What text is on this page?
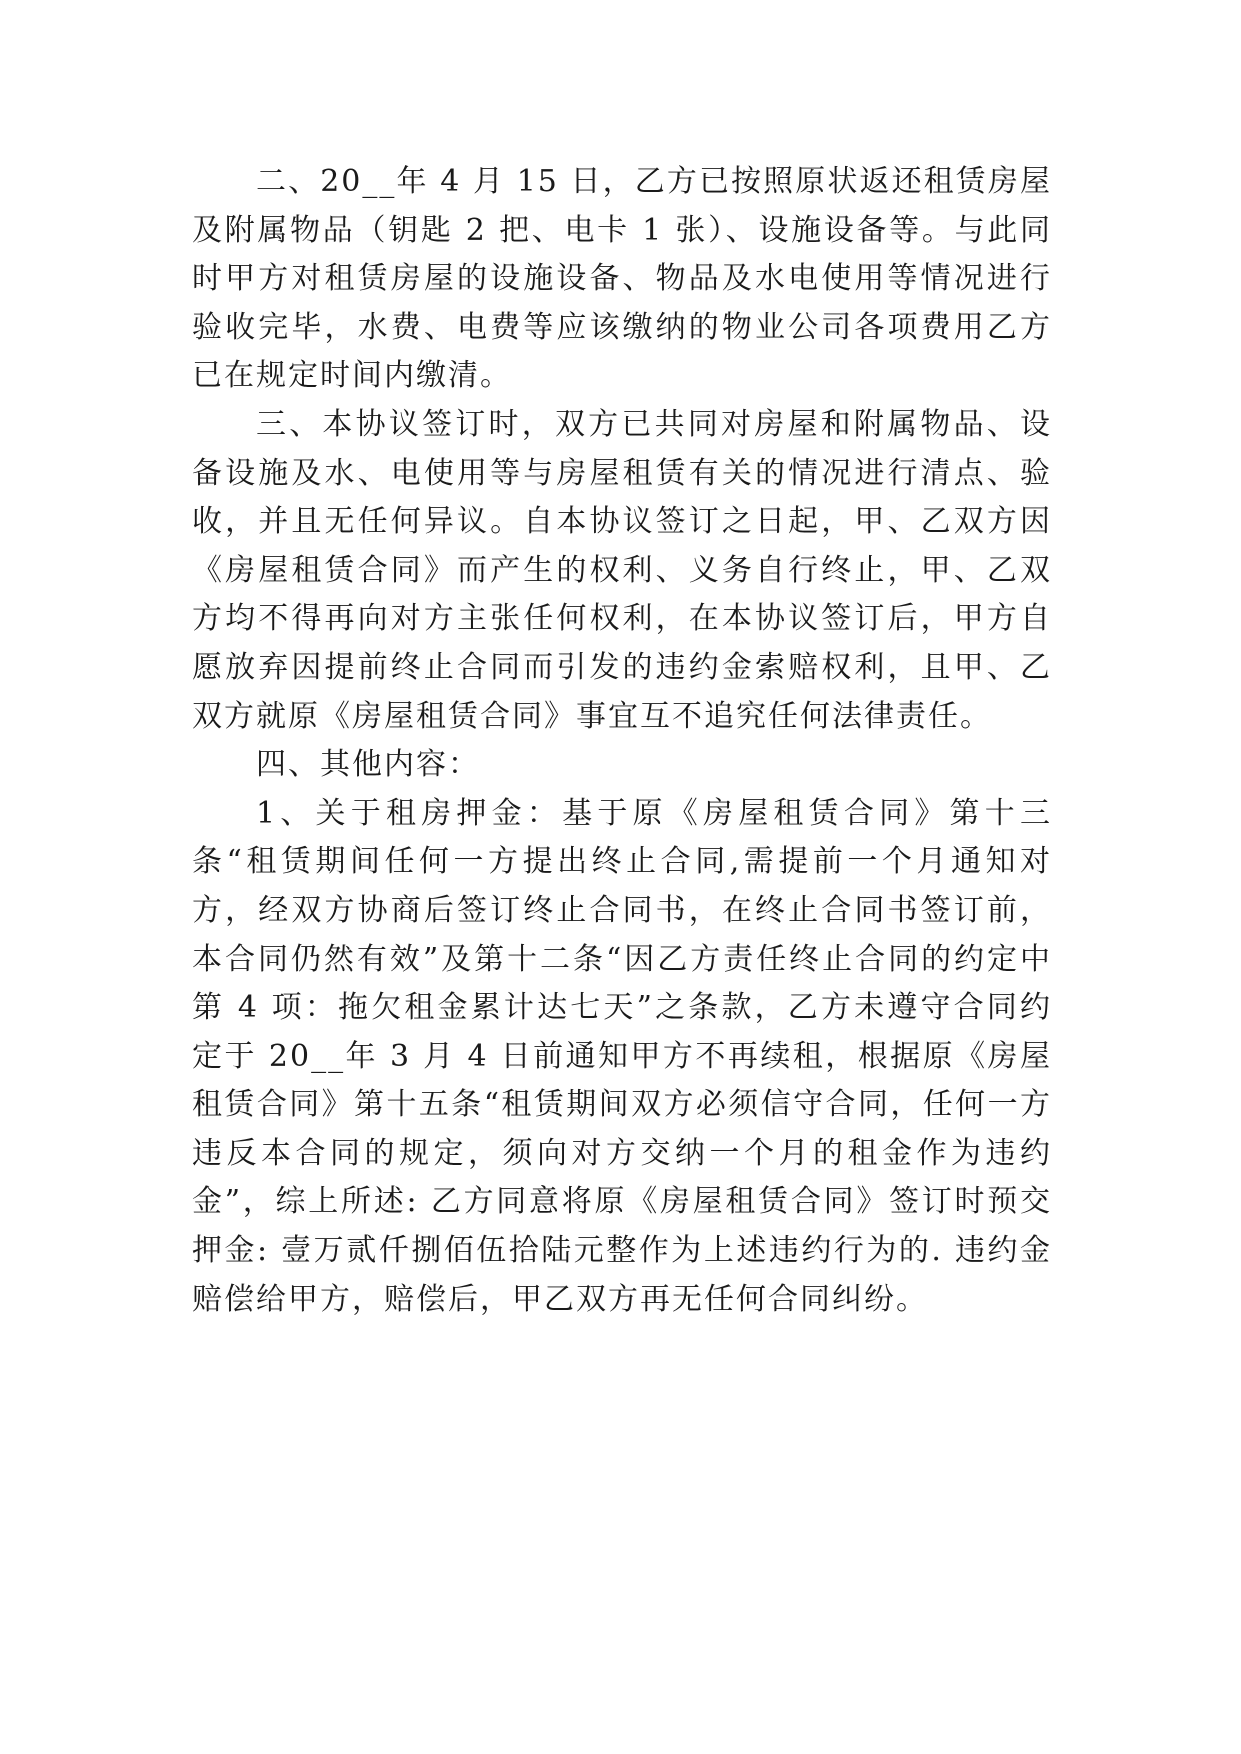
二、20__年 4 月 15 日，乙方已按照原状返还租赁房屋及附属物品（钥匙 2 把、电卡 1 张）、设施设备等。与此同时甲方对租赁房屋的设施设备、物品及水电使用等情况进行验收完毕，水费、电费等应该缴纳的物业公司各项费用乙方已在规定时间内缴清。

三、本协议签订时，双方已共同对房屋和附属物品、设备设施及水、电使用等与房屋租赁有关的情况进行清点、验收，并且无任何异议。自本协议签订之日起，甲、乙双方因《房屋租赁合同》而产生的权利、义务自行终止，甲、乙双方均不得再向对方主张任何权利，在本协议签订后，甲方自愿放弃因提前终止合同而引发的违约金索赔权利，且甲、乙双方就原《房屋租赁合同》事宜互不追究任何法律责任。

四、其他内容：

1、关于租房押金：基于原《房屋租赁合同》第十三条“租赁期间任何一方提出终止合同,需提前一个月通知对方，经双方协商后签订终止合同书，在终止合同书签订前，本合同仍然有效”及第十二条“因乙方责任终止合同的约定中第 4 项：拖欠租金累计达七天”之条款，乙方未遵守合同约定于 20__年 3 月 4 日前通知甲方不再续租，根据原《房屋租赁合同》第十五条“租赁期间双方必须信守合同，任何一方违反本合同的规定，须向对方交纳一个月的租金作为违约金”，综上所述: 乙方同意将原《房屋租赁合同》签订时预交押金: 壹万贰仟捌佰伍拾陆元整作为上述违约行为的. 违约金赔偿给甲方，赔偿后，甲乙双方再无任何合同纠纷。
